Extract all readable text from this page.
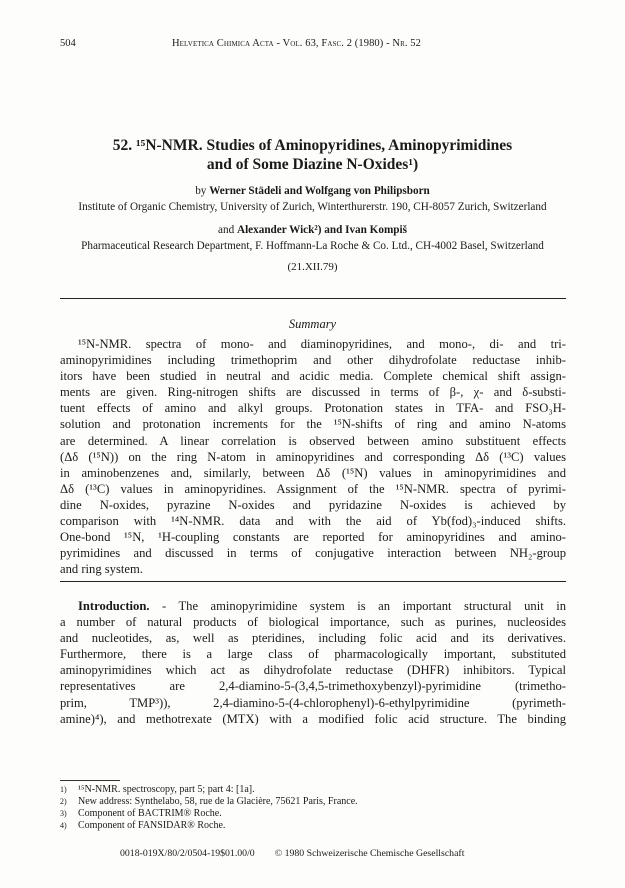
504	Helvetica Chimica Acta - Vol. 63, Fasc. 2 (1980) - Nr. 52
52. ¹⁵N-NMR. Studies of Aminopyridines, Aminopyrimidines
and of Some Diazine N-Oxides¹)
by Werner Städeli and Wolfgang von Philipsborn
Institute of Organic Chemistry, University of Zurich, Winterthurerstr. 190, CH-8057 Zurich, Switzerland
and Alexander Wick²) and Ivan Kompiš
Pharmaceutical Research Department, F. Hoffmann-La Roche & Co. Ltd., CH-4002 Basel, Switzerland
(21.XII.79)
Summary
¹⁵N-NMR. spectra of mono- and diaminopyridines, and mono-, di- and tri-
aminopyrimidines including trimethoprim and other dihydrofolate reductase inhib-
itors have been studied in neutral and acidic media. Complete chemical shift assign-
ments are given. Ring-nitrogen shifts are discussed in terms of β-, χ- and δ-substi-
tuent effects of amino and alkyl groups. Protonation states in TFA- and FSO₃H-
solution and protonation increments for the ¹⁵N-shifts of ring and amino N-atoms
are determined. A linear correlation is observed between amino substituent effects
(Δδ (¹⁵N)) on the ring N-atom in aminopyridines and corresponding Δδ (¹³C) values
in aminobenzenes and, similarly, between Δδ (¹⁵N) values in aminopyrimidines and
Δδ (¹³C) values in aminopyridines. Assignment of the ¹⁵N-NMR. spectra of pyrimi-
dine N-oxides, pyrazine N-oxides and pyridazine N-oxides is achieved by
comparison with ¹⁴N-NMR. data and with the aid of Yb(fod)₃-induced shifts.
One-bond ¹⁵N, ¹H-coupling constants are reported for aminopyridines and amino-
pyrimidines and discussed in terms of conjugative interaction between NH₂-group
and ring system.
Introduction. - The aminopyrimidine system is an important structural unit in
a number of natural products of biological importance, such as purines, nucleosides
and nucleotides, as, well as pteridines, including folic acid and its derivatives.
Furthermore, there is a large class of pharmacologically important, substituted
aminopyrimidines which act as dihydrofolate reductase (DHFR) inhibitors. Typical
representatives are 2,4-diamino-5-(3,4,5-trimethoxybenzyl)-pyrimidine (trimetho-
prim,   TMP³)),   2,4-diamino-5-(4-chlorophenyl)-6-ethylpyrimidine   (pyrimeth-
amine)⁴), and methotrexate (MTX) with a modified folic acid structure. The binding
1)	¹⁵N-NMR. spectroscopy, part 5; part 4: [1a].
2)	New address: Synthelabo, 58, rue de la Glacière, 75621 Paris, France.
3)	Component of BACTRIM® Roche.
4)	Component of FANSIDAR® Roche.
0018-019X/80/2/0504-19$01.00/0 © 1980 Schweizerische Chemische Gesellschaft
